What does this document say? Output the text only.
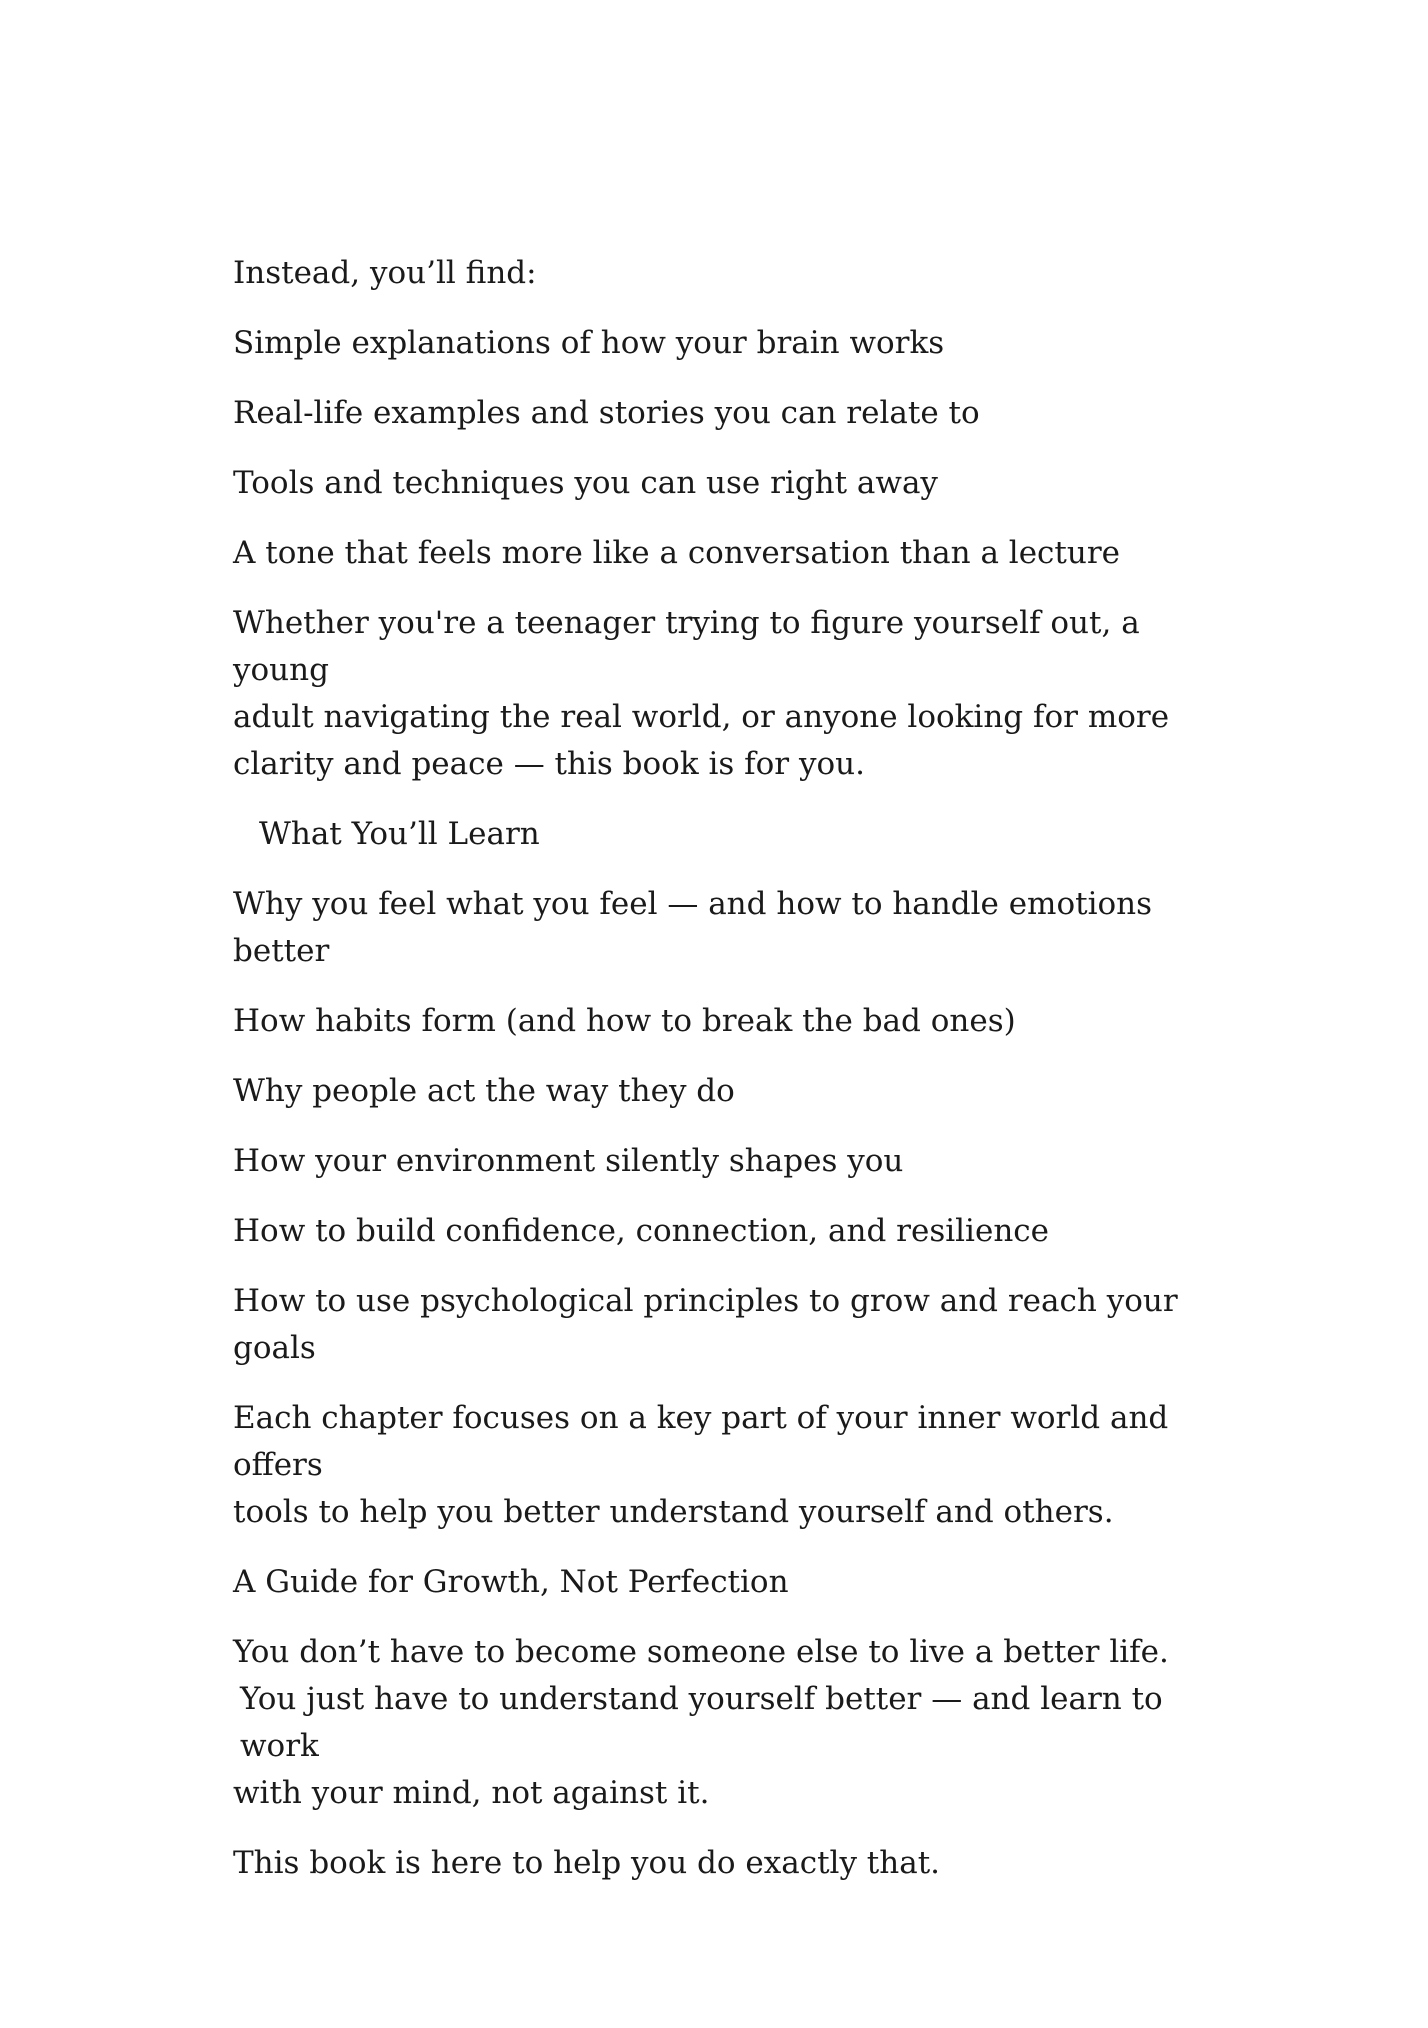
Instead, you’ll find:

Simple explanations of how your brain works

Real-life examples and stories you can relate to

Tools and techniques you can use right away

A tone that feels more like a conversation than a lecture

Whether you're a teenager trying to figure yourself out, a young
adult navigating the real world, or anyone looking for more
clarity and peace — this book is for you.

What You’ll Learn

Why you feel what you feel — and how to handle emotions better

How habits form (and how to break the bad ones)

Why people act the way they do

How your environment silently shapes you

How to build confidence, connection, and resilience

How to use psychological principles to grow and reach your goals

Each chapter focuses on a key part of your inner world and offers
tools to help you better understand yourself and others.

A Guide for Growth, Not Perfection

You don’t have to become someone else to live a better life.
You just have to understand yourself better — and learn to work
with your mind, not against it.

This book is here to help you do exactly that.
